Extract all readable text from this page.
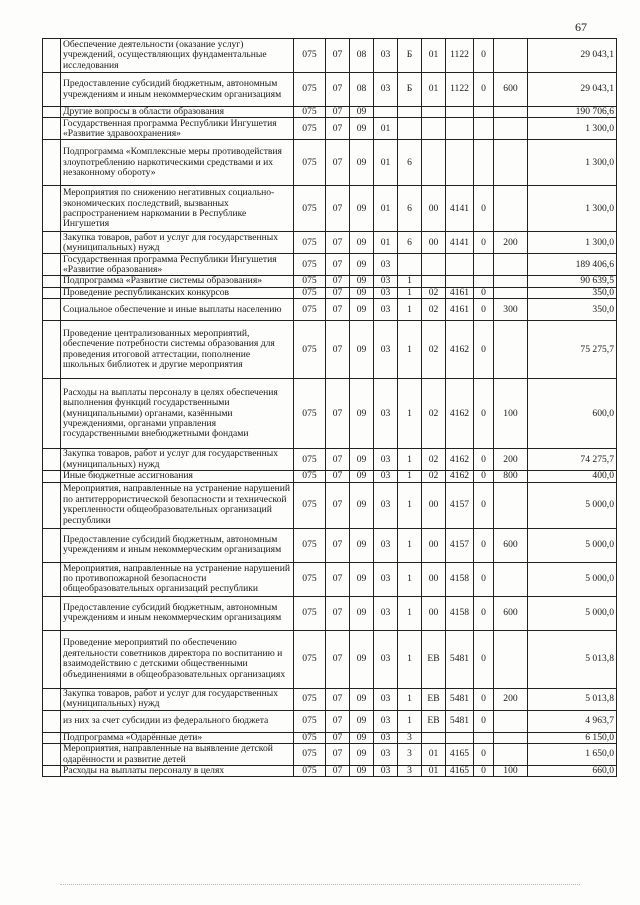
67
	Обеспечение деятельности (оказание услуг) учреждений, осуществляющих фундаментальные исследования	075	07	08	03	Б	01	1122	0		29 043,1
	Предоставление субсидий бюджетным, автономным учреждениям и иным некоммерческим организациям	075	07	08	03	Б	01	1122	0	600	29 043,1
	Другие вопросы в области образования	075	07	09							190 706,6
	Государственная программа Республики Ингушетия «Развитие здравоохранения»	075	07	09	01						1 300,0
	Подпрограмма «Комплексные меры противодействия злоупотреблению наркотическими средствами и их незаконному обороту»	075	07	09	01	6					1 300,0
	Мероприятия по снижению негативных социально-экономических последствий, вызванных распространением наркомании в Республике Ингушетия	075	07	09	01	6	00	4141	0		1 300,0
	Закупка товаров, работ и услуг для государственных (муниципальных) нужд	075	07	09	01	6	00	4141	0	200	1 300,0
	Государственная программа Республики Ингушетия «Развитие образования»	075	07	09	03						189 406,6
	Подпрограмма «Развитие системы образования»	075	07	09	03	1					90 639,5
	Проведение республиканских конкурсов	075	07	09	03	1	02	4161	0		350,0
	Социальное обеспечение и иные выплаты населению	075	07	09	03	1	02	4161	0	300	350,0
	Проведение централизованных мероприятий, обеспечение потребности системы образования для проведения итоговой аттестации, пополнение школьных библиотек и другие мероприятия	075	07	09	03	1	02	4162	0		75 275,7
	Расходы на выплаты персоналу в целях обеспечения выполнения функций государственными (муниципальными) органами, казёнными учреждениями, органами управления государственными внебюджетными фондами	075	07	09	03	1	02	4162	0	100	600,0
	Закупка товаров, работ и услуг для государственных (муниципальных) нужд	075	07	09	03	1	02	4162	0	200	74 275,7
	Иные бюджетные ассигнования	075	07	09	03	1	02	4162	0	800	400,0
	Мероприятия, направленные на устранение нарушений по антитеррористической безопасности и технической укрепленности общеобразовательных организаций республики	075	07	09	03	1	00	4157	0		5 000,0
	Предоставление субсидий бюджетным, автономным учреждениям и иным некоммерческим организациям	075	07	09	03	1	00	4157	0	600	5 000,0
	Мероприятия, направленные на устранение нарушений по противопожарной безопасности общеобразовательных организаций республики	075	07	09	03	1	00	4158	0		5 000,0
	Предоставление субсидий бюджетным, автономным учреждениям и иным некоммерческим организациям	075	07	09	03	1	00	4158	0	600	5 000,0
	Проведение мероприятий по обеспечению деятельности советников директора по воспитанию и взаимодействию с детскими общественными объединениями в общеобразовательных организациях	075	07	09	03	1	ЕВ	5481	0		5 013,8
	Закупка товаров, работ и услуг для государственных (муниципальных) нужд	075	07	09	03	1	ЕВ	5481	0	200	5 013,8
	из них за счет субсидии из федерального бюджета	075	07	09	03	1	ЕВ	5481	0		4 963,7
	Подпрограмма «Одарённые дети»	075	07	09	03	3					6 150,0
	Мероприятия, направленные на выявление детской одарённости и развитие детей	075	07	09	03	3	01	4165	0		1 650,0
	Расходы на выплаты персоналу в целях	075	07	09	03	3	01	4165	0	100	660,0
